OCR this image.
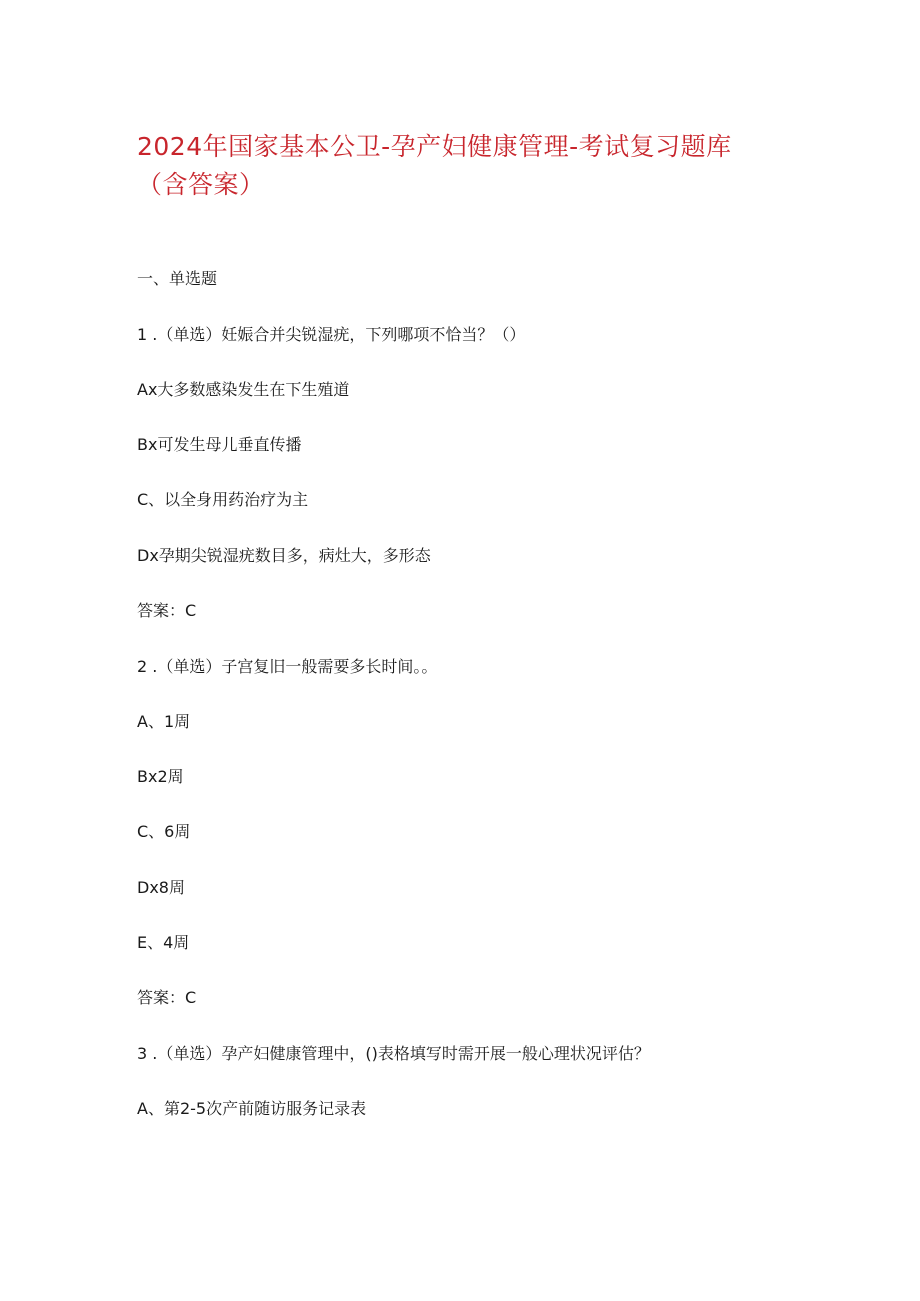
2024年国家基本公卫-孕产妇健康管理-考试复习题库（含答案）
一、单选题
1 .（单选）妊娠合并尖锐湿疣，下列哪项不恰当？（）
Ax大多数感染发生在下生殖道
Bx可发生母儿垂直传播
C、以全身用药治疗为主
Dx孕期尖锐湿疣数目多，病灶大，多形态
答案：C
2 .（单选）子宫复旧一般需要多长时间。。
A、1周
Bx2周
C、6周
Dx8周
E、4周
答案：C
3 .（单选）孕产妇健康管理中，()表格填写时需开展一般心理状况评估？
A、第2-5次产前随访服务记录表
